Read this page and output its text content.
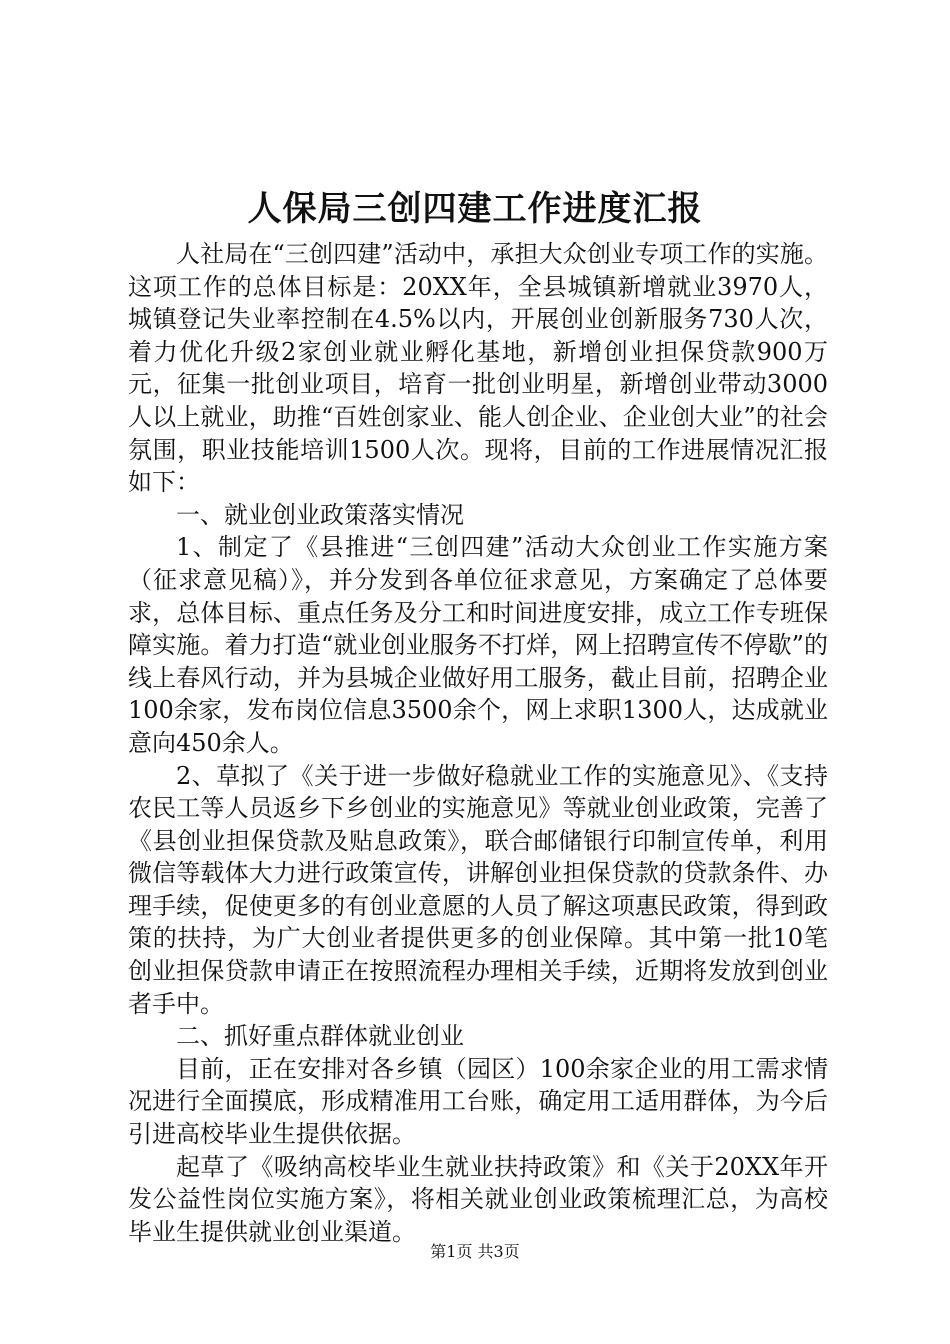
人保局三创四建工作进度汇报

人社局在“三创四建”活动中，承担大众创业专项工作的实施。这项工作的总体目标是：20XX年，全县城镇新增就业3970人，城镇登记失业率控制在4.5%以内，开展创业创新服务730人次，着力优化升级2家创业就业孵化基地，新增创业担保贷款900万元，征集一批创业项目，培育一批创业明星，新增创业带动3000人以上就业，助推“百姓创家业、能人创企业、企业创大业”的社会氛围，职业技能培训1500人次。现将，目前的工作进展情况汇报如下：

一、就业创业政策落实情况

1、制定了《县推进“三创四建”活动大众创业工作实施方案（征求意见稿）》，并分发到各单位征求意见，方案确定了总体要求，总体目标、重点任务及分工和时间进度安排，成立工作专班保障实施。着力打造“就业创业服务不打烊，网上招聘宣传不停歇”的线上春风行动，并为县城企业做好用工服务，截止目前，招聘企业100余家，发布岗位信息3500余个，网上求职1300人，达成就业意向450余人。

2、草拟了《关于进一步做好稳就业工作的实施意见》、《支持农民工等人员返乡下乡创业的实施意见》等就业创业政策，完善了《县创业担保贷款及贴息政策》，联合邮储银行印制宣传单，利用微信等载体大力进行政策宣传，讲解创业担保贷款的贷款条件、办理手续，促使更多的有创业意愿的人员了解这项惠民政策，得到政策的扶持，为广大创业者提供更多的创业保障。其中第一批10笔创业担保贷款申请正在按照流程办理相关手续，近期将发放到创业者手中。

二、抓好重点群体就业创业

目前，正在安排对各乡镇（园区）100余家企业的用工需求情况进行全面摸底，形成精准用工台账，确定用工适用群体，为今后引进高校毕业生提供依据。

起草了《吸纳高校毕业生就业扶持政策》和《关于20XX年开发公益性岗位实施方案》，将相关就业创业政策梳理汇总，为高校毕业生提供就业创业渠道。

第1页 共3页
